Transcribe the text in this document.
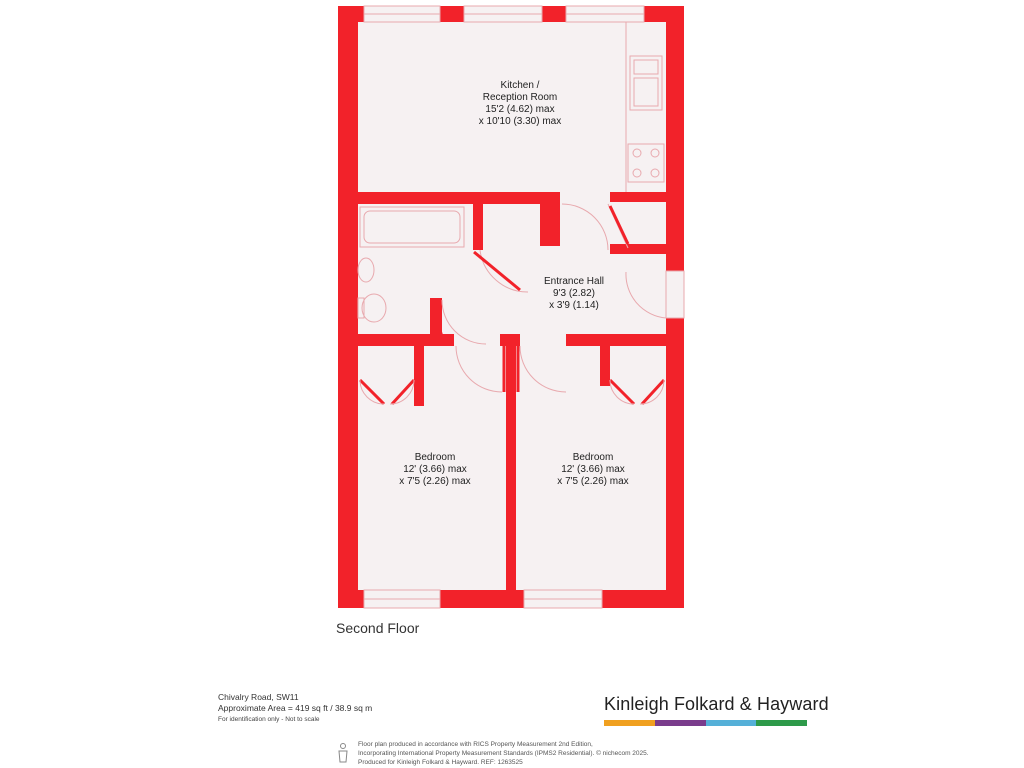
Kitchen /
Reception Room
15'2 (4.62) max
x 10'10 (3.30) max
Entrance Hall
9'3 (2.82)
x 3'9 (1.14)
Bedroom
12' (3.66) max
x 7'5 (2.26) max
Bedroom
12' (3.66) max
x 7'5 (2.26) max
Second Floor
Chivalry Road, SW11
Approximate Area = 419 sq ft / 38.9 sq m
For identification only - Not to scale
Kinleigh Folkard & Hayward
Floor plan produced in accordance with RICS Property Measurement 2nd Edition,
Incorporating International Property Measurement Standards (IPMS2 Residential). © nichecom 2025.
Produced for Kinleigh Folkard & Hayward. REF: 1263525
